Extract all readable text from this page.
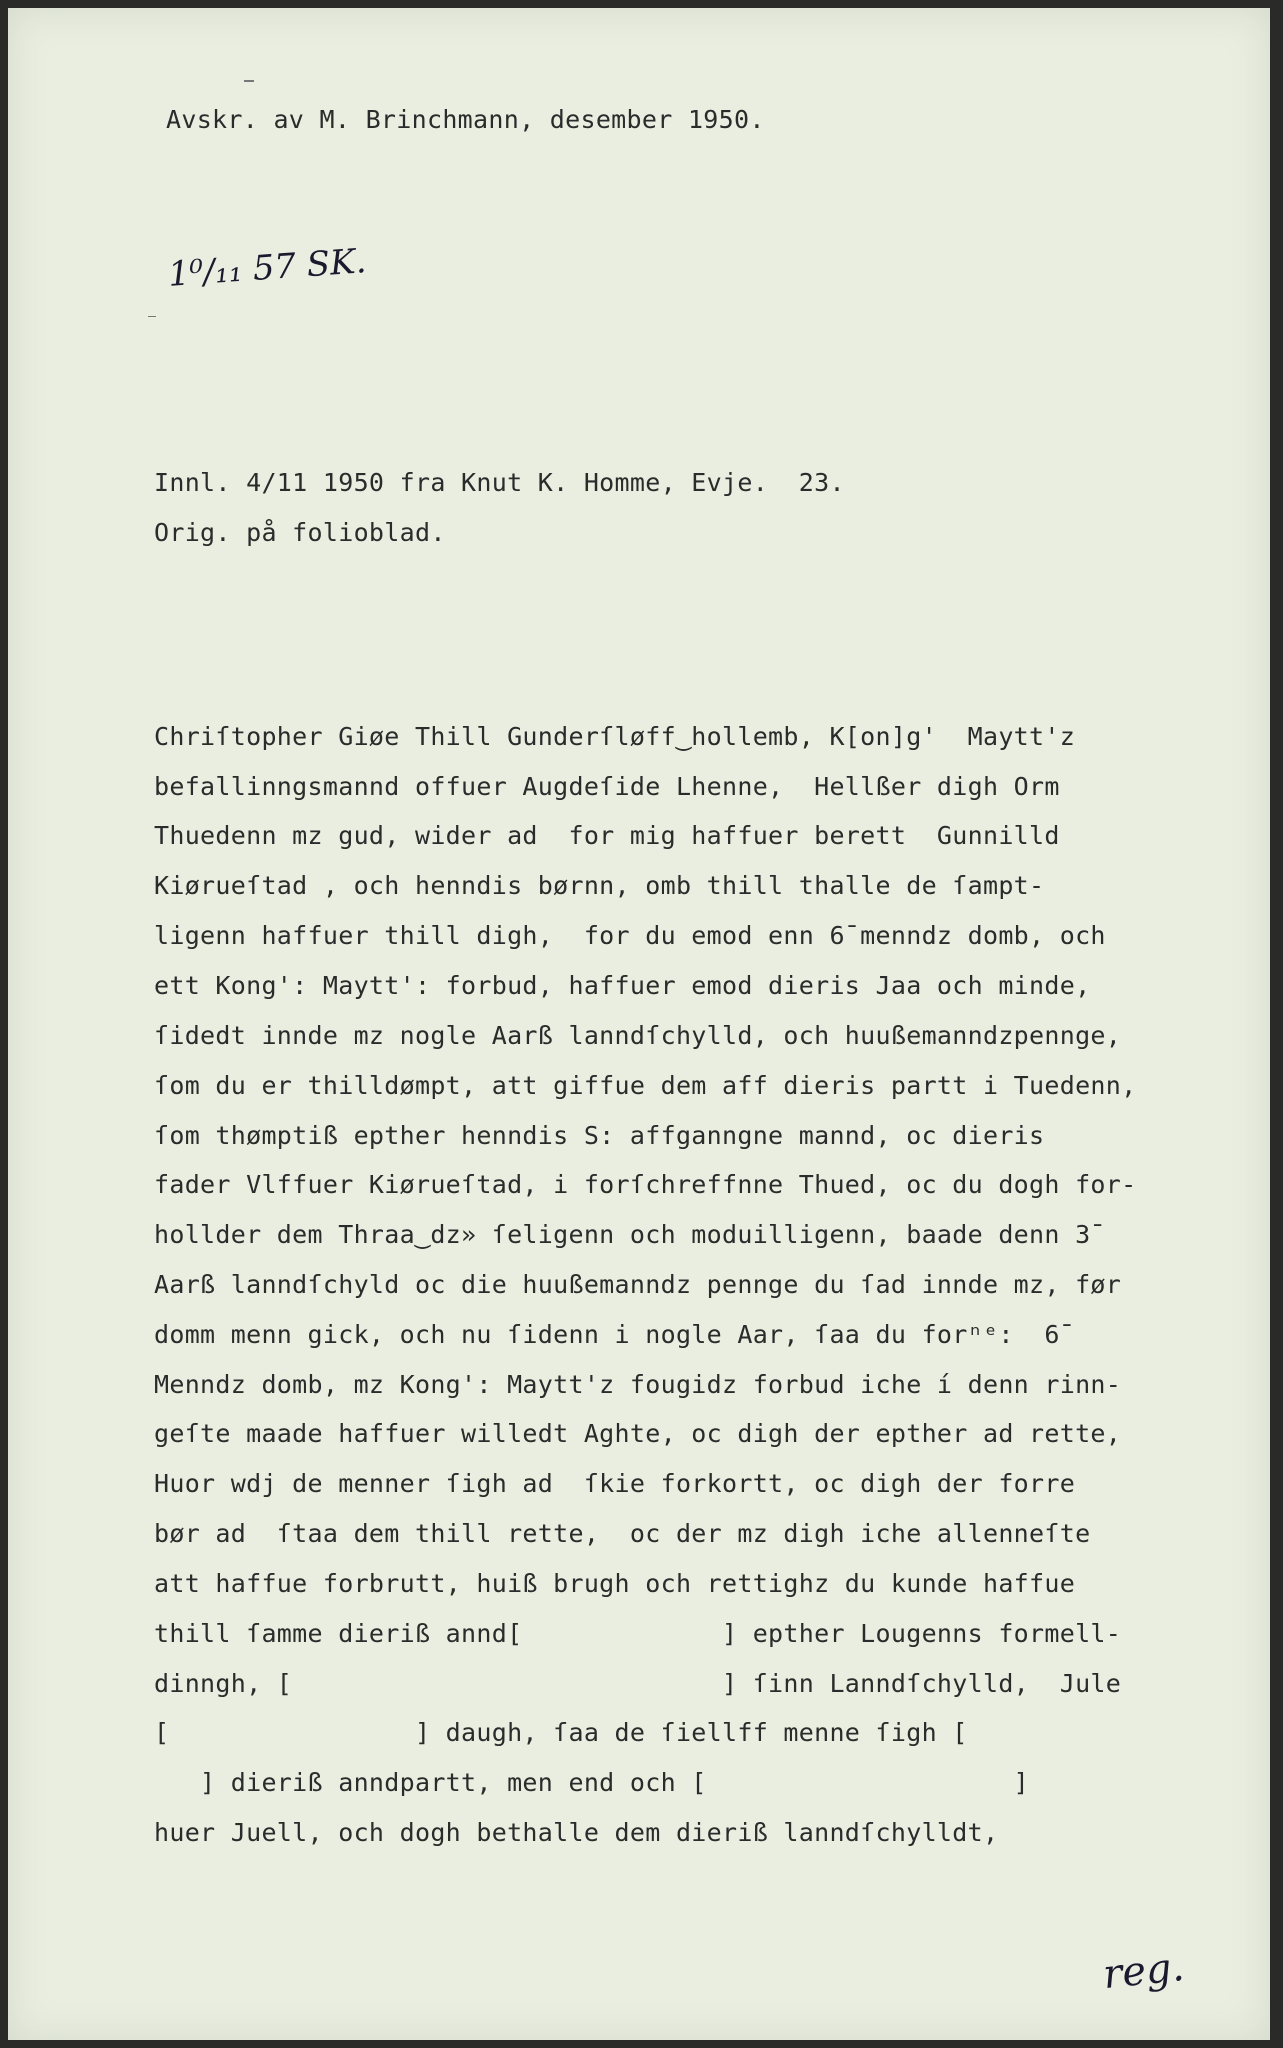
Avskr. av M. Brinchmann, desember 1950.
1⁰/₁₁ 57 SK.
Innl. 4/11 1950 fra Knut K. Homme, Evje.  23.
Orig. på folioblad.
Chriſtopher Giøe Thill Gunderſløff‿hollemb, K[on]g'  Maytt'z
befallinngsmannd offuer Augdeſide Lhenne,  Hellßer digh Orm
Thuedenn mz gud, wider ad  for mig haffuer berett  Gunnilld
Kiøruеſtad , och henndis børnn, omb thill thalle de ſampt-
ligenn haffuer thill digh,  for du emod enn 6̄ menndz domb, och
ett Kong': Maytt': forbud, haffuer emod dieris Jaa och minde,
ſidedt innde mz nogle Aarß lanndſchylld, och huußemanndzpennge,
ſom du er thilldømpt, att giffue dem aff dieris partt i Tuedenn,
ſom thømptiß epther henndis S: affganngne mannd, oc dieris
fader Vlffuer Kiøruеſtad, i forſchreffnne Thued, oc du dogh for-
holldеr dem Thraa‿dz» ſeligenn och moduilligenn, baade denn 3̄
Aarß lanndſchyld oc die huußemanndz pennge du ſad innde mz, før
domm menn gick, och nu ſidenn i nogle Aar, ſaa du forⁿᵉ:  6̄
Menndz domb, mz Kong': Maytt'z fougidz forbud iche í denn rinn-
geſte maade haffuer willedt Aghte, oc digh der epther ad rette,
Huor wdj de menner ſigh ad  ſkie forkortt, oc digh der forre
bør ad  ſtaa dem thill rette,  oc der mz digh iche allenneſte
att haffue forbrutt, huiß brugh och rettighz du kunde haffue
thill ſamme dieriß annd[             ] epther Lougenns formell-
dinngh, [                            ] ſinn Lanndſchylld,  Jule
[                ] daugh, ſaa de ſiellff menne ſigh [
] dieriß anndpartt, men end och [                    ]
huer Juell, och dogh bethalle dem dieriß lanndſchylldt,
reg.
